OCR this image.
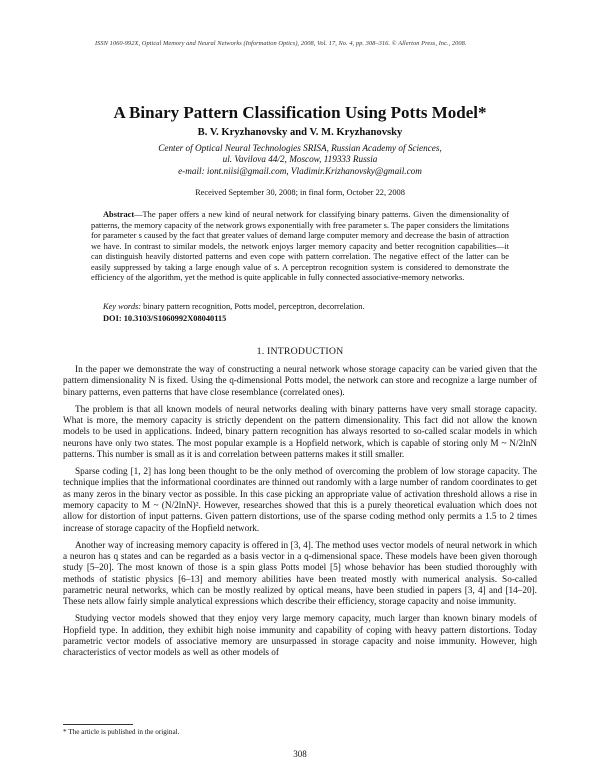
ISSN 1060-992X, Optical Memory and Neural Networks (Information Optics), 2008, Vol. 17, No. 4, pp. 308–316. © Allerton Press, Inc., 2008.
A Binary Pattern Classification Using Potts Model*
B. V. Kryzhanovsky and V. M. Kryzhanovsky
Center of Optical Neural Technologies SRISA, Russian Academy of Sciences,
ul. Vavilova 44/2, Moscow, 119333 Russia
e-mail: iont.niisi@gmail.com, Vladimir.Krizhanovsky@gmail.com
Received September 30, 2008; in final form, October 22, 2008
Abstract—The paper offers a new kind of neural network for classifying binary patterns. Given the dimensionality of patterns, the memory capacity of the network grows exponentially with free parameter s. The paper considers the limitations for parameter s caused by the fact that greater values of demand large computer memory and decrease the basin of attraction we have. In contrast to similar models, the network enjoys larger memory capacity and better recognition capabilities—it can distinguish heavily distorted patterns and even cope with pattern correlation. The negative effect of the latter can be easily suppressed by taking a large enough value of s. A perceptron recognition system is considered to demonstrate the efficiency of the algorithm, yet the method is quite applicable in fully connected associative-memory networks.
Key words: binary pattern recognition, Potts model, perceptron, decorrelation.
DOI: 10.3103/S1060992X08040115
1. INTRODUCTION

In the paper we demonstrate the way of constructing a neural network whose storage capacity can be varied given that the pattern dimensionality N is fixed. Using the q-dimensional Potts model, the network can store and recognize a large number of binary patterns, even patterns that have close resemblance (correlated ones).

The problem is that all known models of neural networks dealing with binary patterns have very small storage capacity. What is more, the memory capacity is strictly dependent on the pattern dimensionality. This fact did not allow the known models to be used in applications. Indeed, binary pattern recognition has always resorted to so-called scalar models in which neurons have only two states. The most popular example is a Hopfield network, which is capable of storing only M ~ N/2lnN patterns. This number is small as it is and correlation between patterns makes it still smaller.

Sparse coding [1, 2] has long been thought to be the only method of overcoming the problem of low storage capacity. The technique implies that the informational coordinates are thinned out randomly with a large number of random coordinates to get as many zeros in the binary vector as possible. In this case picking an appropriate value of activation threshold allows a rise in memory capacity to M ~ (N/2lnN)². However, researches showed that this is a purely theoretical evaluation which does not allow for distortion of input patterns. Given pattern distortions, use of the sparse coding method only permits a 1.5 to 2 times increase of storage capacity of the Hopfield network.

Another way of increasing memory capacity is offered in [3, 4]. The method uses vector models of neural network in which a neuron has q states and can be regarded as a basis vector in a q-dimensional space. These models have been given thorough study [5–20]. The most known of those is a spin glass Potts model [5] whose behavior has been studied thoroughly with methods of statistic physics [6–13] and memory abilities have been treated mostly with numerical analysis. So-called parametric neural networks, which can be mostly realized by optical means, have been studied in papers [3, 4] and [14–20]. These nets allow fairly simple analytical expressions which describe their efficiency, storage capacity and noise immunity.

Studying vector models showed that they enjoy very large memory capacity, much larger than known binary models of Hopfield type. In addition, they exhibit high noise immunity and capability of coping with heavy pattern distortions. Today parametric vector models of associative memory are unsurpassed in storage capacity and noise immunity. However, high characteristics of vector models as well as other models of

* The article is published in the original.
308
